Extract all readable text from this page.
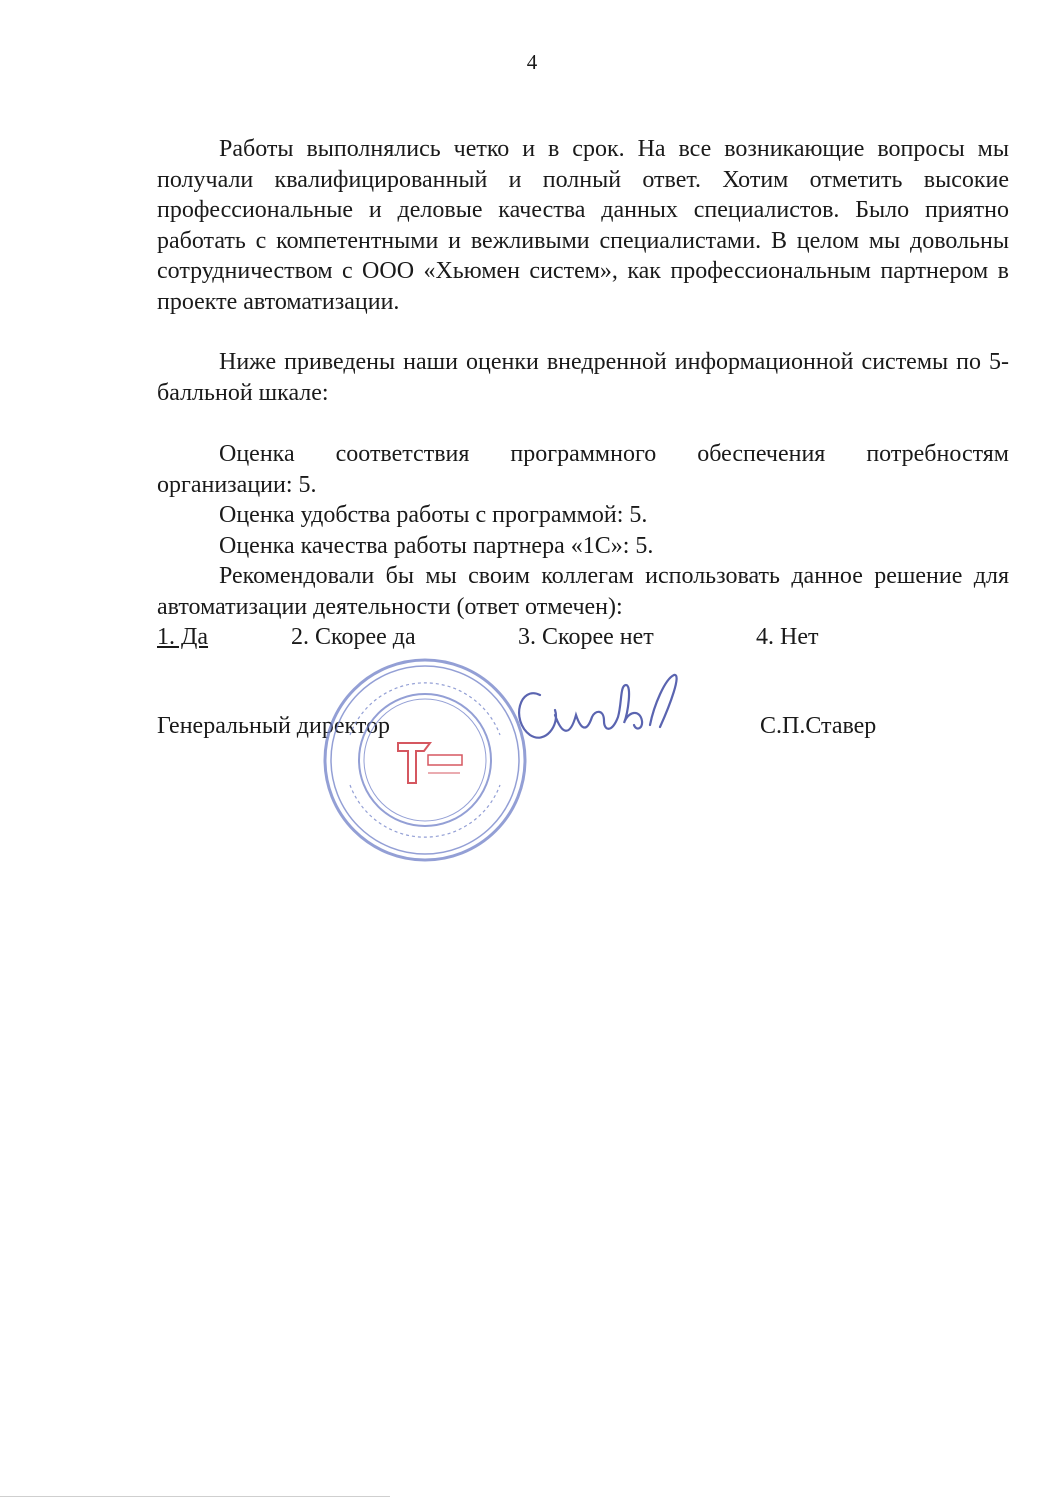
4

Работы выполнялись четко и в срок. На все возникающие вопросы мы получали квалифицированный и полный ответ. Хотим отметить высокие профессиональные и деловые качества данных специалистов. Было приятно работать с компетентными и вежливыми специалистами. В целом мы довольны сотрудничеством с ООО «Хьюмен систем», как профессиональным партнером в проекте автоматизации.

Ниже приведены наши оценки внедренной информационной системы по 5-балльной шкале:

Оценка соответствия программного обеспечения потребностям организации: 5.

Оценка удобства работы с программой: 5.

Оценка качества работы партнера «1С»: 5.

Рекомендовали бы мы своим коллегам использовать данное решение для автоматизации деятельности (ответ отмечен):

1. Да	2. Скорее да	3. Скорее нет	4. Нет
Генеральный директор	С.П.Ставер
